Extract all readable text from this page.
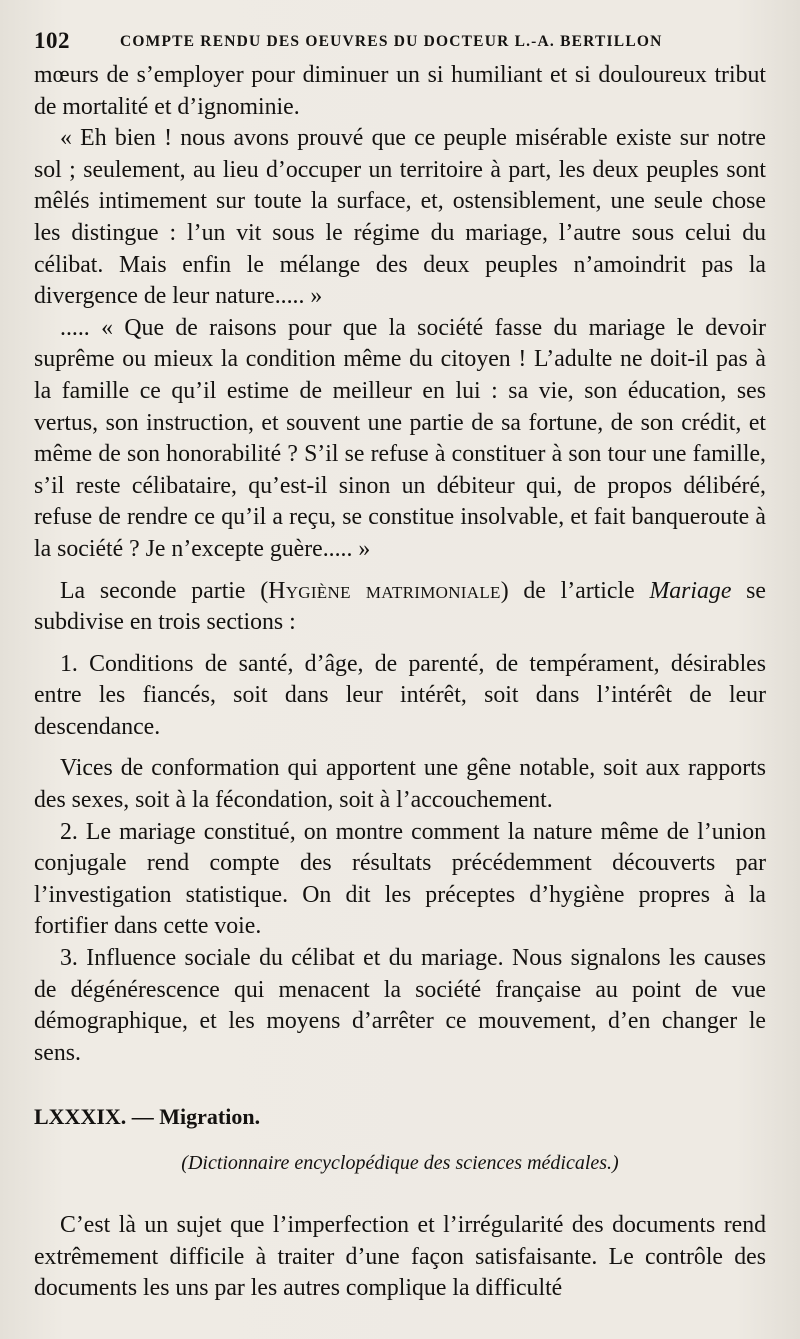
102	COMPTE RENDU DES OEUVRES DU DOCTEUR L.-A. BERTILLON

mœurs de s’employer pour diminuer un si humiliant et si douloureux tribut de mortalité et d’ignominie.

« Eh bien ! nous avons prouvé que ce peuple misérable existe sur notre sol ; seulement, au lieu d’occuper un territoire à part, les deux peuples sont mêlés intimement sur toute la surface, et, ostensiblement, une seule chose les distingue : l’un vit sous le régime du mariage, l’autre sous celui du célibat. Mais enfin le mélange des deux peuples n’amoindrit pas la divergence de leur nature..... »

..... « Que de raisons pour que la société fasse du mariage le devoir suprême ou mieux la condition même du citoyen ! L’adulte ne doit-il pas à la famille ce qu’il estime de meilleur en lui : sa vie, son éducation, ses vertus, son instruction, et souvent une partie de sa fortune, de son crédit, et même de son honorabilité ? S’il se refuse à constituer à son tour une famille, s’il reste célibataire, qu’est-il sinon un débiteur qui, de propos délibéré, refuse de rendre ce qu’il a reçu, se constitue insolvable, et fait banqueroute à la société ? Je n’excepte guère..... »

La seconde partie (Hygiène matrimoniale) de l’article Mariage se subdivise en trois sections :

1. Conditions de santé, d’âge, de parenté, de tempérament, désirables entre les fiancés, soit dans leur intérêt, soit dans l’intérêt de leur descendance.

Vices de conformation qui apportent une gêne notable, soit aux rapports des sexes, soit à la fécondation, soit à l’accouchement.

2. Le mariage constitué, on montre comment la nature même de l’union conjugale rend compte des résultats précédemment découverts par l’investigation statistique. On dit les préceptes d’hygiène propres à la fortifier dans cette voie.

3. Influence sociale du célibat et du mariage. Nous signalons les causes de dégénérescence qui menacent la société française au point de vue démographique, et les moyens d’arrêter ce mouvement, d’en changer le sens.

LXXXIX. — Migration.
(Dictionnaire encyclopédique des sciences médicales.)

C’est là un sujet que l’imperfection et l’irrégularité des documents rend extrêmement difficile à traiter d’une façon satisfaisante. Le contrôle des documents les uns par les autres complique la difficulté
